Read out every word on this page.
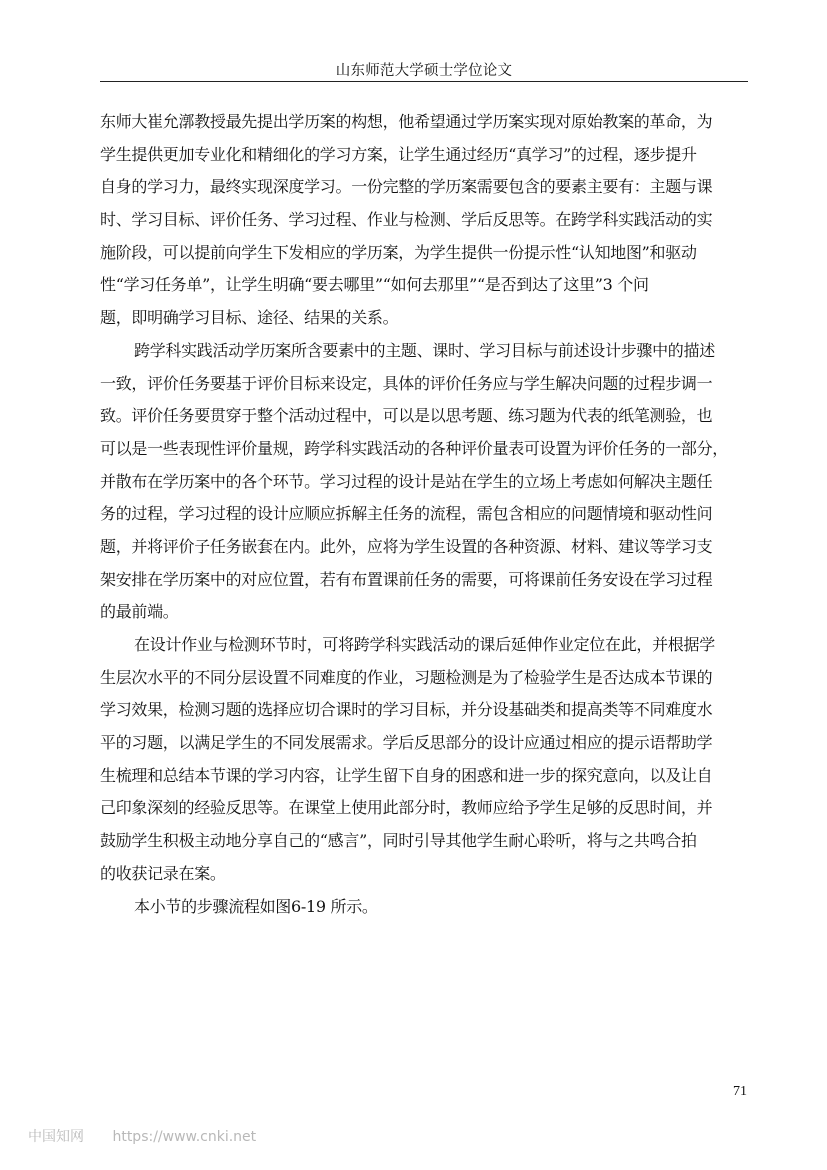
山东师范大学硕士学位论文
东师大崔允漷教授最先提出学历案的构想，他希望通过学历案实现对原始教案的革命，为
学生提供更加专业化和精细化的学习方案，让学生通过经历“真学习”的过程，逐步提升
自身的学习力，最终实现深度学习。一份完整的学历案需要包含的要素主要有：主题与课
时、学习目标、评价任务、学习过程、作业与检测、学后反思等。在跨学科实践活动的实
施阶段，可以提前向学生下发相应的学历案，为学生提供一份提示性“认知地图”和驱动
性“学习任务单”，让学生明确“要去哪里”“如何去那里”“是否到达了这里”3 个问
题，即明确学习目标、途径、结果的关系。
跨学科实践活动学历案所含要素中的主题、课时、学习目标与前述设计步骤中的描述
一致，评价任务要基于评价目标来设定，具体的评价任务应与学生解决问题的过程步调一
致。评价任务要贯穿于整个活动过程中，可以是以思考题、练习题为代表的纸笔测验，也
可以是一些表现性评价量规，跨学科实践活动的各种评价量表可设置为评价任务的一部分，
并散布在学历案中的各个环节。学习过程的设计是站在学生的立场上考虑如何解决主题任
务的过程，学习过程的设计应顺应拆解主任务的流程，需包含相应的问题情境和驱动性问
题，并将评价子任务嵌套在内。此外，应将为学生设置的各种资源、材料、建议等学习支
架安排在学历案中的对应位置，若有布置课前任务的需要，可将课前任务安设在学习过程
的最前端。
在设计作业与检测环节时，可将跨学科实践活动的课后延伸作业定位在此，并根据学
生层次水平的不同分层设置不同难度的作业，习题检测是为了检验学生是否达成本节课的
学习效果，检测习题的选择应切合课时的学习目标，并分设基础类和提高类等不同难度水
平的习题，以满足学生的不同发展需求。学后反思部分的设计应通过相应的提示语帮助学
生梳理和总结本节课的学习内容，让学生留下自身的困惑和进一步的探究意向，以及让自
己印象深刻的经验反思等。在课堂上使用此部分时，教师应给予学生足够的反思时间，并
鼓励学生积极主动地分享自己的“感言”，同时引导其他学生耐心聆听，将与之共鸣合拍
的收获记录在案。
本小节的步骤流程如图6-19 所示。
71
中国知网 https://www.cnki.net
